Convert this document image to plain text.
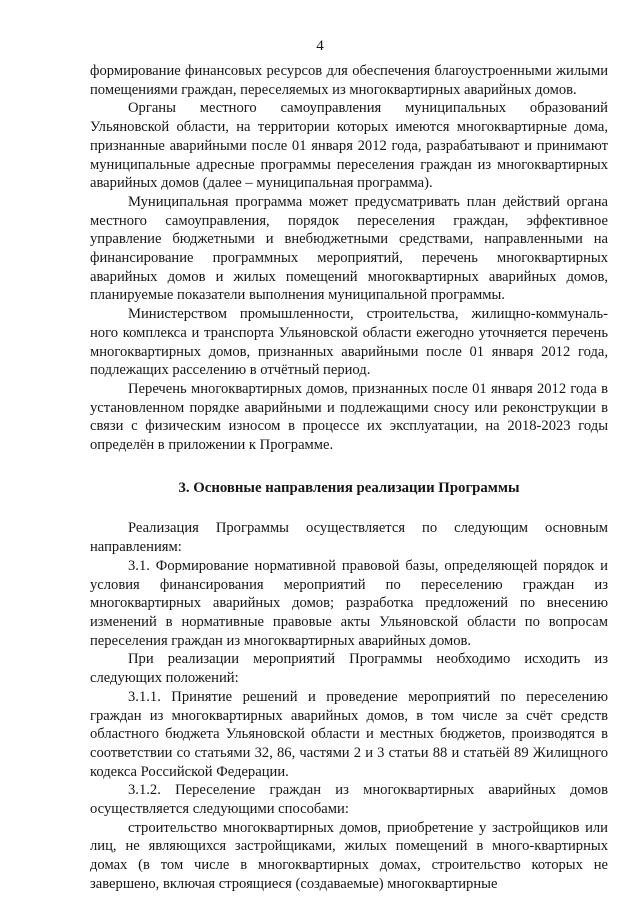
4

формирование финансовых ресурсов для обеспечения благоустроенными жилыми помещениями граждан, переселяемых из многоквартирных аварийных домов.

Органы местного самоуправления муниципальных образований Ульяновской области, на территории которых имеются многоквартирные дома, признанные аварийными после 01 января 2012 года, разрабатывают и принимают муниципальные адресные программы переселения граждан из многоквартирных аварийных домов (далее – муниципальная программа).

Муниципальная программа может предусматривать план действий органа местного самоуправления, порядок переселения граждан, эффективное управление бюджетными и внебюджетными средствами, направленными на финансирование программных мероприятий, перечень многоквартирных аварийных домов и жилых помещений многоквартирных аварийных домов, планируемые показатели выполнения муниципальной программы.

Министерством промышленности, строительства, жилищно-коммуналь-ного комплекса и транспорта Ульяновской области ежегодно уточняется перечень многоквартирных домов, признанных аварийными после 01 января 2012 года, подлежащих расселению в отчётный период.

Перечень многоквартирных домов, признанных после 01 января 2012 года в установленном порядке аварийными и подлежащими сносу или реконструкции в связи с физическим износом в процессе их эксплуатации, на 2018-2023 годы определён в приложении к Программе.

3. Основные направления реализации Программы

Реализация Программы осуществляется по следующим основным направлениям:

3.1. Формирование нормативной правовой базы, определяющей порядок и условия финансирования мероприятий по переселению граждан из многоквартирных аварийных домов; разработка предложений по внесению изменений в нормативные правовые акты Ульяновской области по вопросам переселения граждан из многоквартирных аварийных домов.

При реализации мероприятий Программы необходимо исходить из следующих положений:

3.1.1. Принятие решений и проведение мероприятий по переселению граждан из многоквартирных аварийных домов, в том числе за счёт средств областного бюджета Ульяновской области и местных бюджетов, производятся в соответствии со статьями 32, 86, частями 2 и 3 статьи 88 и статьёй 89 Жилищного кодекса Российской Федерации.

3.1.2. Переселение граждан из многоквартирных аварийных домов осуществляется следующими способами:

строительство многоквартирных домов, приобретение у застройщиков или лиц, не являющихся застройщиками, жилых помещений в много-квартирных домах (в том числе в многоквартирных домах, строительство которых не завершено, включая строящиеся (создаваемые) многоквартирные
